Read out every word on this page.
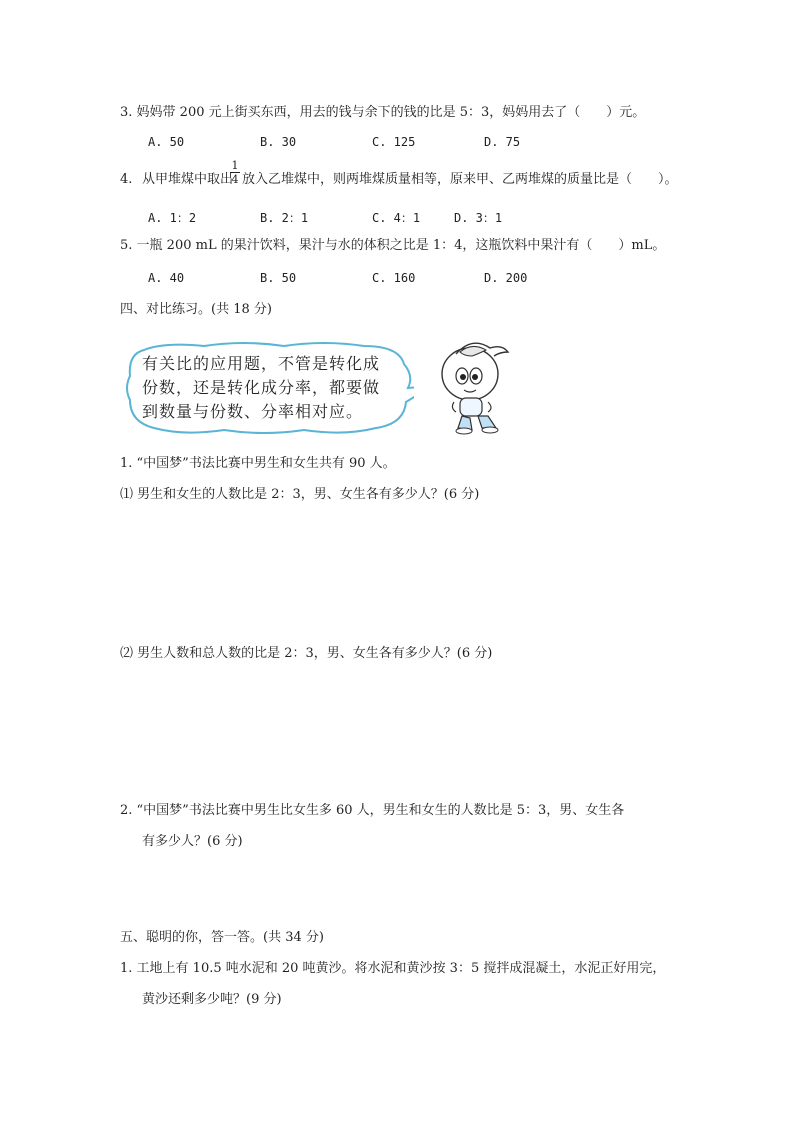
3. 妈妈带 200 元上街买东西，用去的钱与余下的钱的比是 5：3，妈妈用去了（　　）元。
A. 50	B. 30	C. 125	D. 75
4. 从甲堆煤中取出
1
4 放入乙堆煤中，则两堆煤质量相等，原来甲、乙两堆煤的质量比是（　　）。
A. 1：2	B. 2：1	C. 4：1	D. 3：1
5. 一瓶 200 mL 的果汁饮料，果汁与水的体积之比是 1：4，这瓶饮料中果汁有（　　）mL。
A. 40	B. 50	C. 160	D. 200
四、对比练习。(共 18 分)
有关比的应用题，不管是转化成份数，还是转化成分率，都要做到数量与份数、分率相对应。
1. “中国梦”书法比赛中男生和女生共有 90 人。
⑴ 男生和女生的人数比是 2：3，男、女生各有多少人？(6 分)
⑵ 男生人数和总人数的比是 2：3，男、女生各有多少人？(6 分)
2. “中国梦”书法比赛中男生比女生多 60 人，男生和女生的人数比是 5：3，男、女生各
有多少人？(6 分)
五、聪明的你，答一答。(共 34 分)
1. 工地上有 10.5 吨水泥和 20 吨黄沙。将水泥和黄沙按 3：5 搅拌成混凝土，水泥正好用完，
黄沙还剩多少吨？(9 分)
